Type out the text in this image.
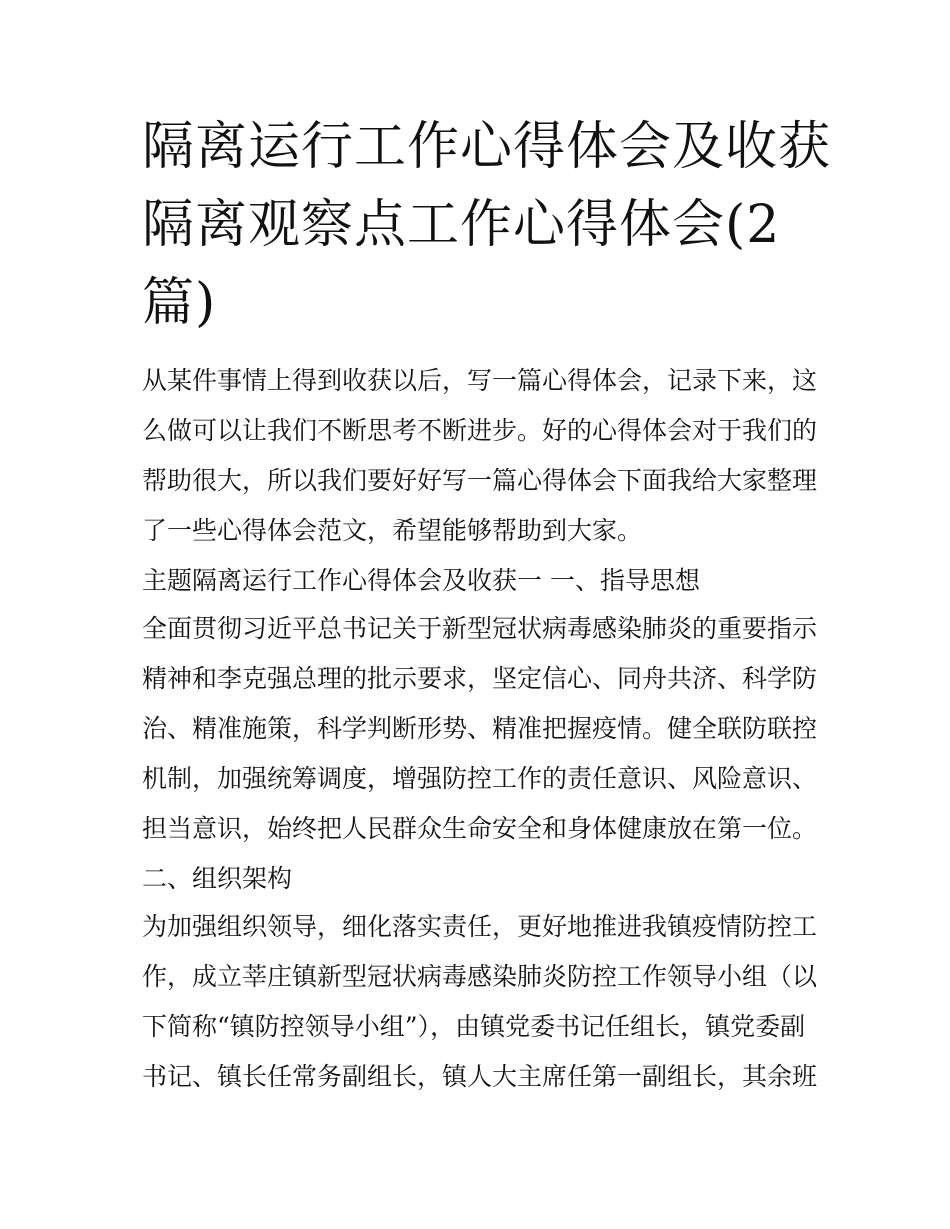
隔离运行工作心得体会及收获
隔离观察点工作心得体会(2
篇)
从某件事情上得到收获以后，写一篇心得体会，记录下来，这
么做可以让我们不断思考不断进步。好的心得体会对于我们的
帮助很大，所以我们要好好写一篇心得体会下面我给大家整理
了一些心得体会范文，希望能够帮助到大家。
主题隔离运行工作心得体会及收获一 一、指导思想
全面贯彻习近平总书记关于新型冠状病毒感染肺炎的重要指示
精神和李克强总理的批示要求，坚定信心、同舟共济、科学防
治、精准施策，科学判断形势、精准把握疫情。健全联防联控
机制，加强统筹调度，增强防控工作的责任意识、风险意识、
担当意识，始终把人民群众生命安全和身体健康放在第一位。
二、组织架构
为加强组织领导，细化落实责任，更好地推进我镇疫情防控工
作，成立莘庄镇新型冠状病毒感染肺炎防控工作领导小组（以
下简称“镇防控领导小组”），由镇党委书记任组长，镇党委副
书记、镇长任常务副组长，镇人大主席任第一副组长，其余班
